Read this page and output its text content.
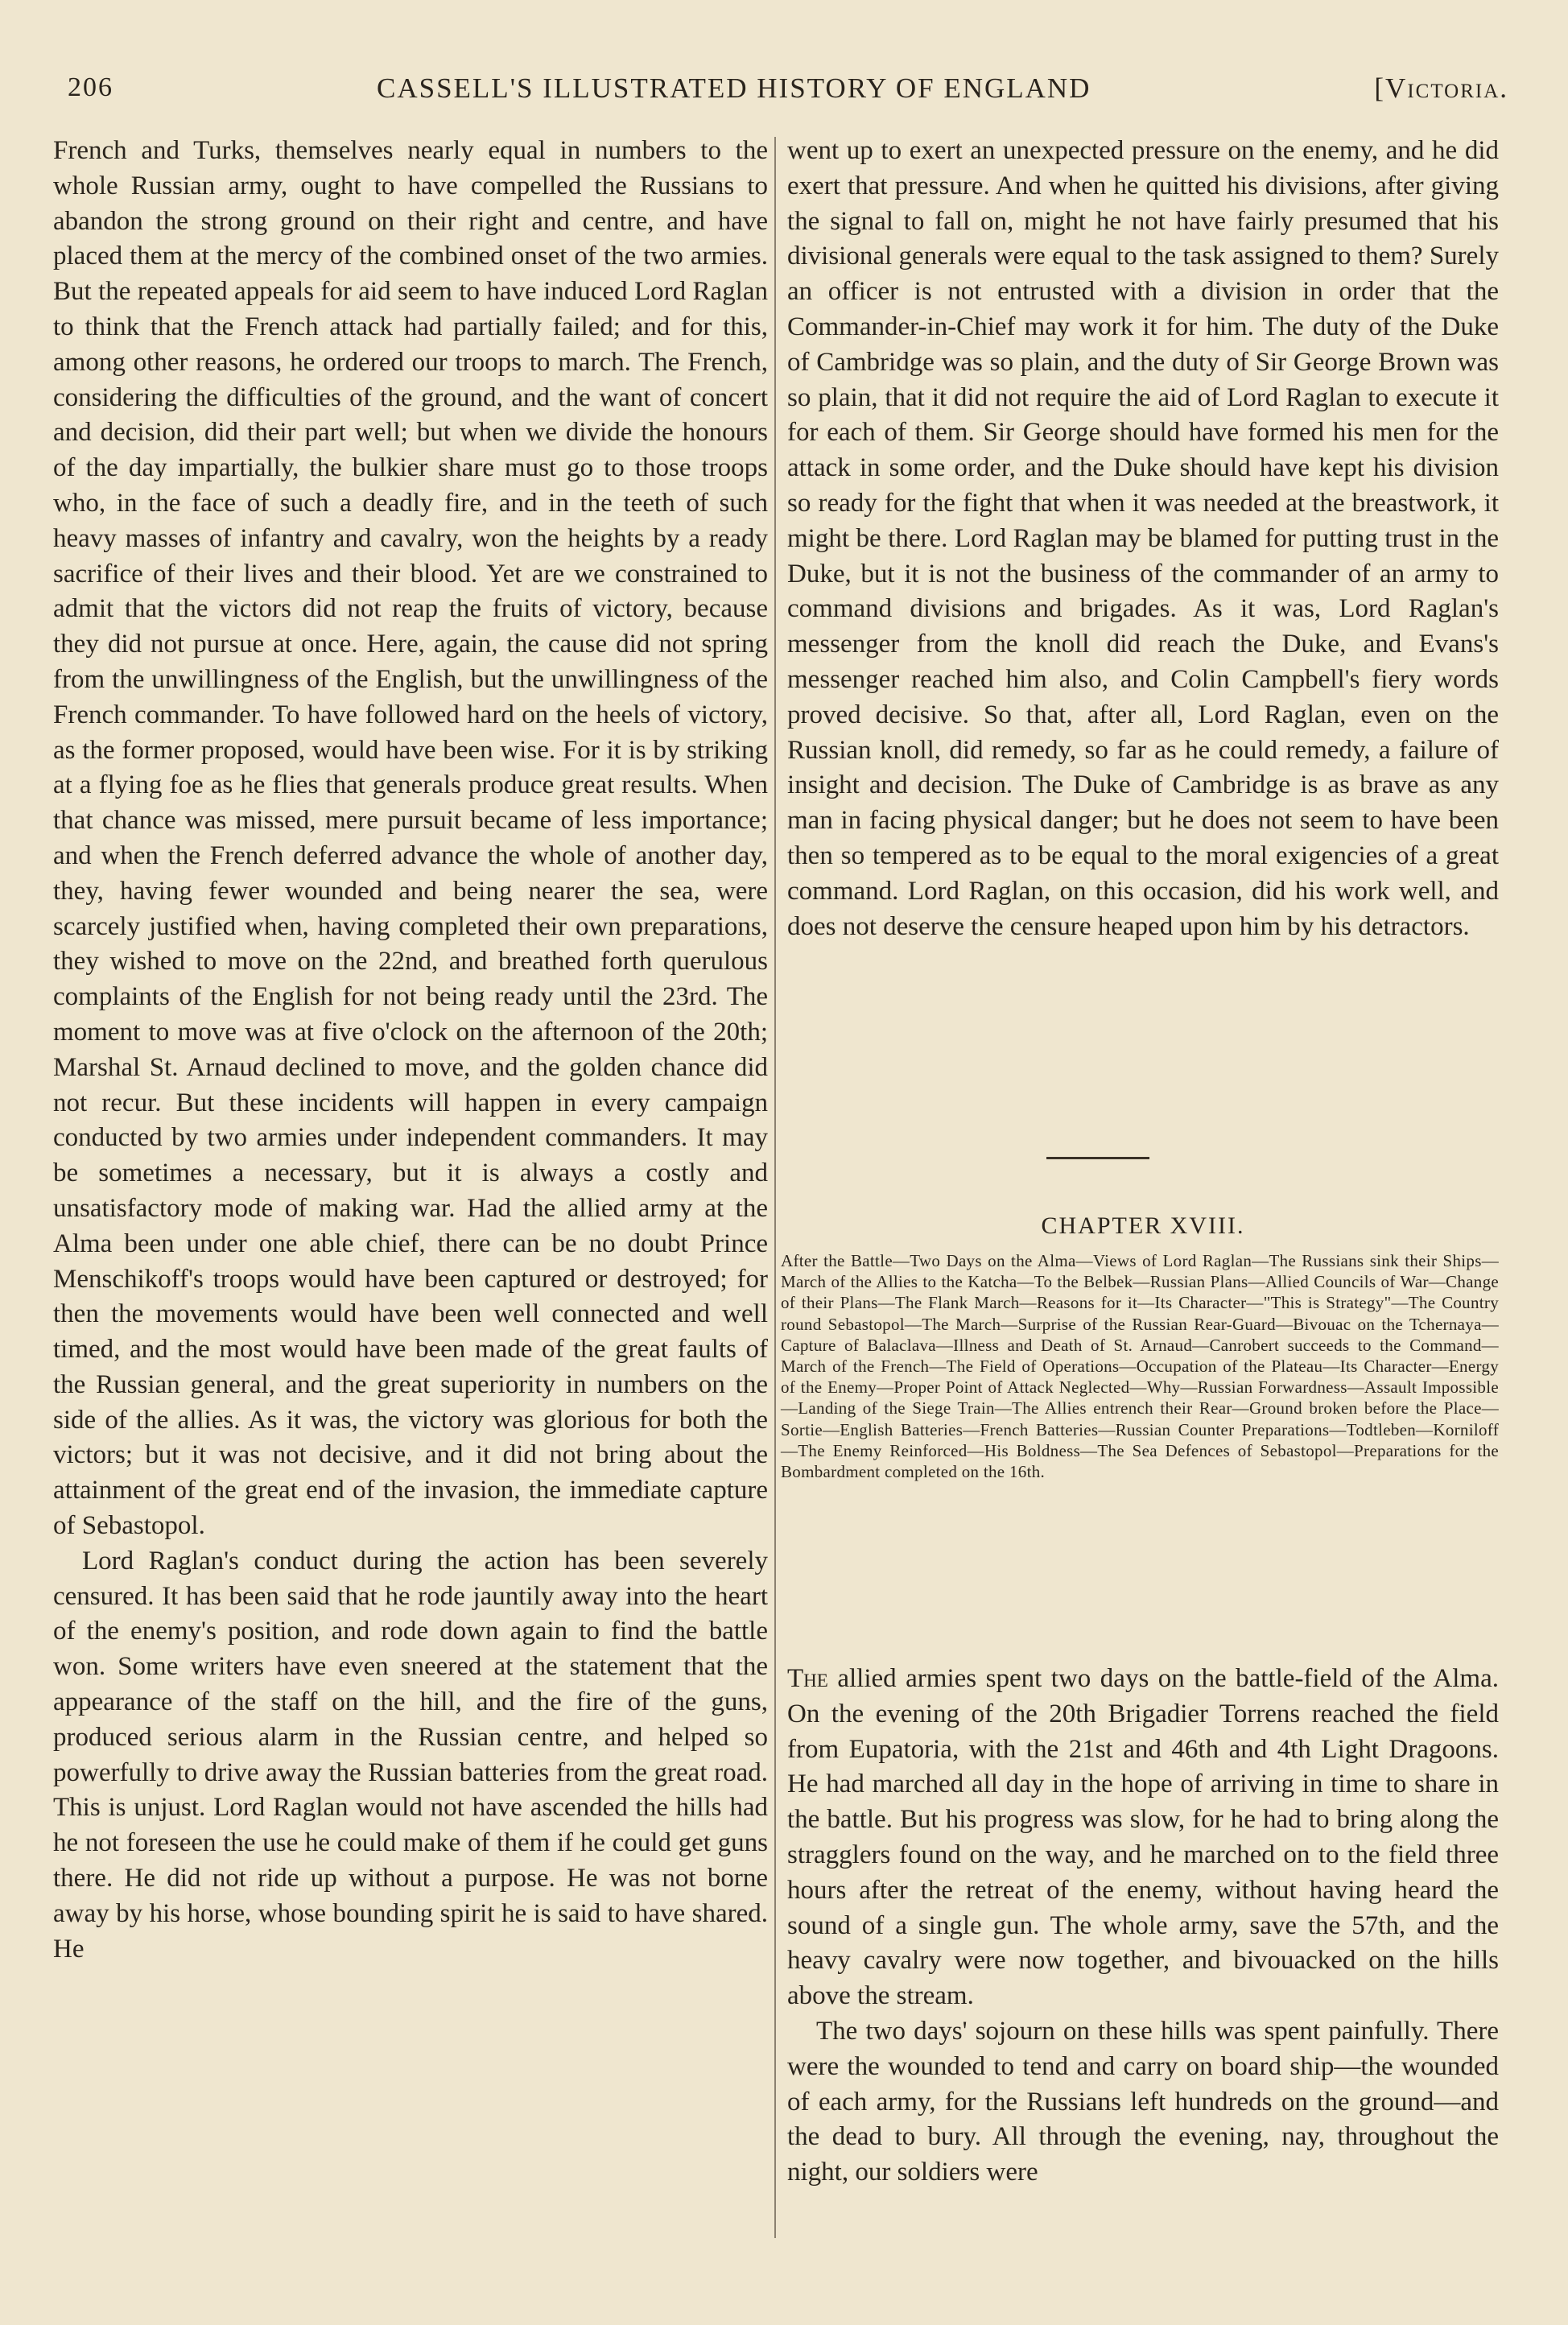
206	CASSELL'S ILLUSTRATED HISTORY OF ENGLAND	[Victoria.

French and Turks, themselves nearly equal in numbers to the whole Russian army, ought to have compelled the Russians to abandon the strong ground on their right and centre, and have placed them at the mercy of the combined onset of the two armies. But the repeated appeals for aid seem to have induced Lord Raglan to think that the French attack had partially failed; and for this, among other reasons, he ordered our troops to march. The French, considering the difficulties of the ground, and the want of concert and decision, did their part well; but when we divide the honours of the day impartially, the bulkier share must go to those troops who, in the face of such a deadly fire, and in the teeth of such heavy masses of infantry and cavalry, won the heights by a ready sacrifice of their lives and their blood. Yet are we constrained to admit that the victors did not reap the fruits of victory, because they did not pursue at once. Here, again, the cause did not spring from the unwillingness of the English, but the unwillingness of the French commander. To have followed hard on the heels of victory, as the former proposed, would have been wise. For it is by striking at a flying foe as he flies that generals produce great results. When that chance was missed, mere pursuit became of less importance; and when the French deferred advance the whole of another day, they, having fewer wounded and being nearer the sea, were scarcely justified when, having completed their own preparations, they wished to move on the 22nd, and breathed forth querulous complaints of the English for not being ready until the 23rd. The moment to move was at five o'clock on the afternoon of the 20th; Marshal St. Arnaud declined to move, and the golden chance did not recur. But these incidents will happen in every campaign conducted by two armies under independent commanders. It may be sometimes a necessary, but it is always a costly and unsatisfactory mode of making war. Had the allied army at the Alma been under one able chief, there can be no doubt Prince Menschikoff's troops would have been captured or destroyed; for then the movements would have been well connected and well timed, and the most would have been made of the great faults of the Russian general, and the great superiority in numbers on the side of the allies. As it was, the victory was glorious for both the victors; but it was not decisive, and it did not bring about the attainment of the great end of the invasion, the immediate capture of Sebastopol.

Lord Raglan's conduct during the action has been severely censured. It has been said that he rode jauntily away into the heart of the enemy's position, and rode down again to find the battle won. Some writers have even sneered at the statement that the appearance of the staff on the hill, and the fire of the guns, produced serious alarm in the Russian centre, and helped so powerfully to drive away the Russian batteries from the great road. This is unjust. Lord Raglan would not have ascended the hills had he not foreseen the use he could make of them if he could get guns there. He did not ride up without a purpose. He was not borne away by his horse, whose bounding spirit he is said to have shared. He

went up to exert an unexpected pressure on the enemy, and he did exert that pressure. And when he quitted his divisions, after giving the signal to fall on, might he not have fairly presumed that his divisional generals were equal to the task assigned to them? Surely an officer is not entrusted with a division in order that the Commander-in-Chief may work it for him. The duty of the Duke of Cambridge was so plain, and the duty of Sir George Brown was so plain, that it did not require the aid of Lord Raglan to execute it for each of them. Sir George should have formed his men for the attack in some order, and the Duke should have kept his division so ready for the fight that when it was needed at the breastwork, it might be there. Lord Raglan may be blamed for putting trust in the Duke, but it is not the business of the commander of an army to command divisions and brigades. As it was, Lord Raglan's messenger from the knoll did reach the Duke, and Evans's messenger reached him also, and Colin Campbell's fiery words proved decisive. So that, after all, Lord Raglan, even on the Russian knoll, did remedy, so far as he could remedy, a failure of insight and decision. The Duke of Cambridge is as brave as any man in facing physical danger; but he does not seem to have been then so tempered as to be equal to the moral exigencies of a great command. Lord Raglan, on this occasion, did his work well, and does not deserve the censure heaped upon him by his detractors.

CHAPTER XVIII.
After the Battle—Two Days on the Alma—Views of Lord Raglan—The Russians sink their Ships—March of the Allies to the Katcha—To the Belbek—Russian Plans—Allied Councils of War—Change of their Plans—The Flank March—Reasons for it—Its Character—"This is Strategy"—The Country round Sebastopol—The March—Surprise of the Russian Rear-Guard—Bivouac on the Tchernaya—Capture of Balaclava—Illness and Death of St. Arnaud—Canrobert succeeds to the Command—March of the French—The Field of Operations—Occupation of the Plateau—Its Character—Energy of the Enemy—Proper Point of Attack Neglected—Why—Russian Forwardness—Assault Impossible—Landing of the Siege Train—The Allies entrench their Rear—Ground broken before the Place—Sortie—English Batteries—French Batteries—Russian Counter Preparations—Todtleben—Korniloff—The Enemy Reinforced—His Boldness—The Sea Defences of Sebastopol—Preparations for the Bombardment completed on the 16th.

The allied armies spent two days on the battle-field of the Alma. On the evening of the 20th Brigadier Torrens reached the field from Eupatoria, with the 21st and 46th and 4th Light Dragoons. He had marched all day in the hope of arriving in time to share in the battle. But his progress was slow, for he had to bring along the stragglers found on the way, and he marched on to the field three hours after the retreat of the enemy, without having heard the sound of a single gun. The whole army, save the 57th, and the heavy cavalry were now together, and bivouacked on the hills above the stream.

The two days' sojourn on these hills was spent painfully. There were the wounded to tend and carry on board ship—the wounded of each army, for the Russians left hundreds on the ground—and the dead to bury. All through the evening, nay, throughout the night, our soldiers were
